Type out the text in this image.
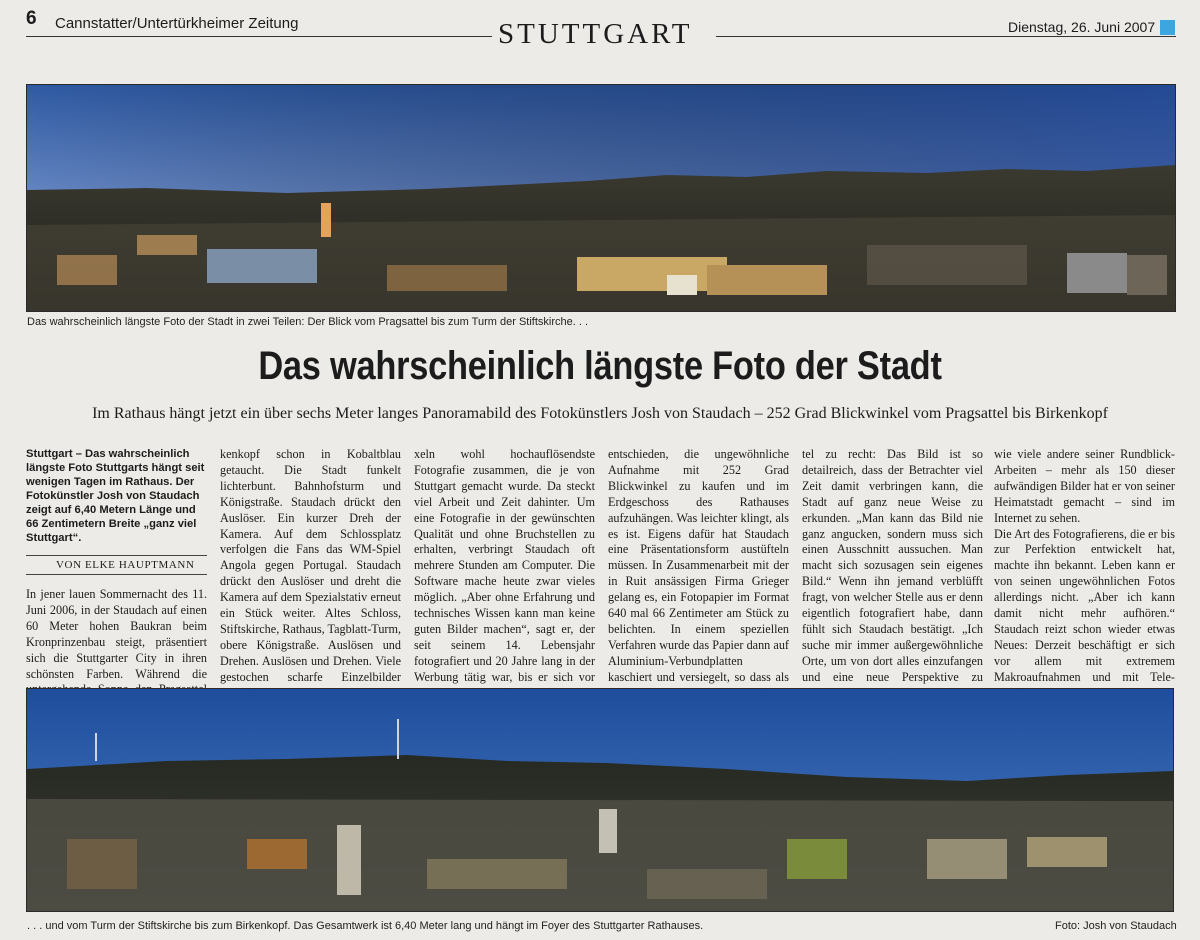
6 Cannstatter/Untertürkheimer Zeitung	STUTTGART	Dienstag, 26. Juni 2007
Das wahrscheinlich längste Foto der Stadt in zwei Teilen: Der Blick vom Pragsattel bis zum Turm der Stiftskirche. . .
Das wahrscheinlich längste Foto der Stadt
Im Rathaus hängt jetzt ein über sechs Meter langes Panoramabild des Fotokünstlers Josh von Staudach – 252 Grad Blickwinkel vom Pragsattel bis Birkenkopf

Stuttgart – Das wahrscheinlich längste Foto Stuttgarts hängt seit wenigen Tagen im Rathaus. Der Fotokünstler Josh von Staudach zeigt auf 6,40 Metern Länge und 66 Zentimetern Breite „ganz viel Stuttgart“.

VON ELKE HAUPTMANN

In jener lauen Sommernacht des 11. Juni 2006, in der Staudach auf einen 60 Meter hohen Baukran beim Kronprinzenbau steigt, präsentiert sich die Stuttgarter City in ihren schönsten Farben. Während die

kenkopf schon in Kobaltblau getaucht. Die Stadt funkelt lichterbunt. Bahnhofsturm und Königstraße. Staudach drückt den Auslöser. Ein kurzer Dreh der Kamera. Auf dem Schlossplatz verfolgen die Fans das WM-Spiel Angola gegen Portugal. Staudach drückt den Auslöser und dreht die Kamera auf dem Spezialstativ erneut ein Stück weiter. Altes Schloss, Stiftskirche, Rathaus, Tagblatt-Turm, obere Königstraße. Auslösen und Drehen. Auslösen und Drehen. Viele gestochen scharfe Einzelbilder

xeln wohl hochauflösendste Fotografie zusammen, die je von Stuttgart gemacht wurde. Da steckt viel Arbeit und Zeit dahinter. Um eine Fotografie in der gewünschten Qualität und ohne Bruchstellen zu erhalten, verbringt Staudach oft mehrere Stunden am Computer. Die Software mache heute zwar vieles möglich. „Aber ohne Erfahrung und technisches Wissen kann man keine guten Bilder machen“, sagt er, der seit seinem 14. Lebensjahr fotografiert und 20 Jahre lang in der Werbung tätig war, bis er sich vor

entschieden, die ungewöhnliche Aufnahme mit 252 Grad Blickwinkel zu kaufen und im Erdgeschoss des Rathauses aufzuhängen. Was leichter klingt, als es ist. Eigens dafür hat Staudach eine Präsentationsform austüfteln müssen. In Zusammenarbeit mit der in Ruit ansässigen Firma Grieger gelang es, ein Fotopapier im Format 640 mal 66 Zentimeter am Stück zu belichten. In einem speziellen Verfahren wurde das Papier dann auf Aluminium-Verbundplatten kaschiert und versiegelt, so dass als

tel zu recht: Das Bild ist so detailreich, dass der Betrachter viel Zeit damit verbringen kann, die Stadt auf ganz neue Weise zu erkunden. „Man kann das Bild nie ganz angucken, sondern muss sich einen Ausschnitt aussuchen. Man macht sich sozusagen sein eigenes Bild.“ Wenn ihn jemand verblüfft fragt, von welcher Stelle aus er denn eigentlich fotografiert habe, dann fühlt sich Staudach bestätigt. „Ich suche mir immer außergewöhnliche Orte, um von dort alles einzufangen und eine neue Perspektive zu

wie viele andere seiner Rundblick-Arbeiten – mehr als 150 dieser aufwändigen Bilder hat er von seiner Heimatstadt gemacht – sind im Internet zu sehen.

Die Art des Fotografierens, die er bis zur Perfektion entwickelt hat, machte ihn bekannt. Leben kann er von seinen ungewöhnlichen Fotos allerdings nicht. „Aber ich kann damit nicht mehr aufhören.“ Staudach reizt schon wieder etwas Neues: Derzeit beschäftigt er sich vor allem mit extremem Makroaufnahmen und mit Tele-

. . . und vom Turm der Stiftskirche bis zum Birkenkopf. Das Gesamtwerk ist 6,40 Meter lang und hängt im Foyer des Stuttgarter Rathauses.	Foto: Josh von Staudach
